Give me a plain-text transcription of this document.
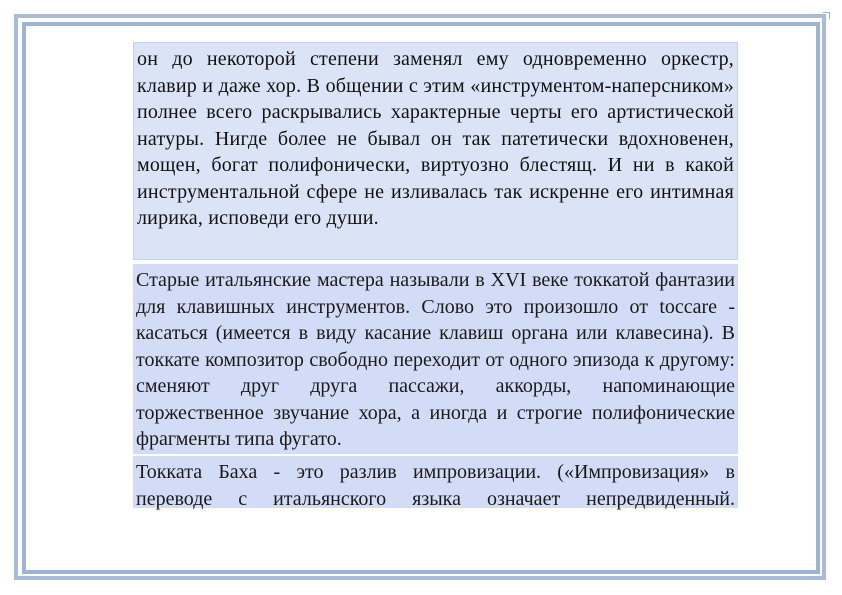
он до некоторой степени заменял ему одновременно оркестр, клавир и даже хор. В общении с этим «инструментом-наперсником» полнее всего раскрывались характерные черты его артистической натуры. Нигде более не бывал он так патетически вдохновенен, мощен, богат полифонически, виртуозно блестящ. И ни в какой инструментальной сфере не изливалась так искренне его интимная лирика, исповеди его души.
Старые итальянские мастера называли в XVI веке токкатой фантазии для клавишных инструментов. Слово это произошло от toccare - касаться (имеется в виду касание клавиш органа или клавесина). В токкате композитор свободно переходит от одного эпизода к другому: сменяют друг друга пассажи, аккорды, напоминающие торжественное звучание хора, а иногда и строгие полифонические фрагменты типа фугато.
Токката Баха - это разлив импровизации. («Импровизация» в переводе с итальянского языка означает непредвиденный.
